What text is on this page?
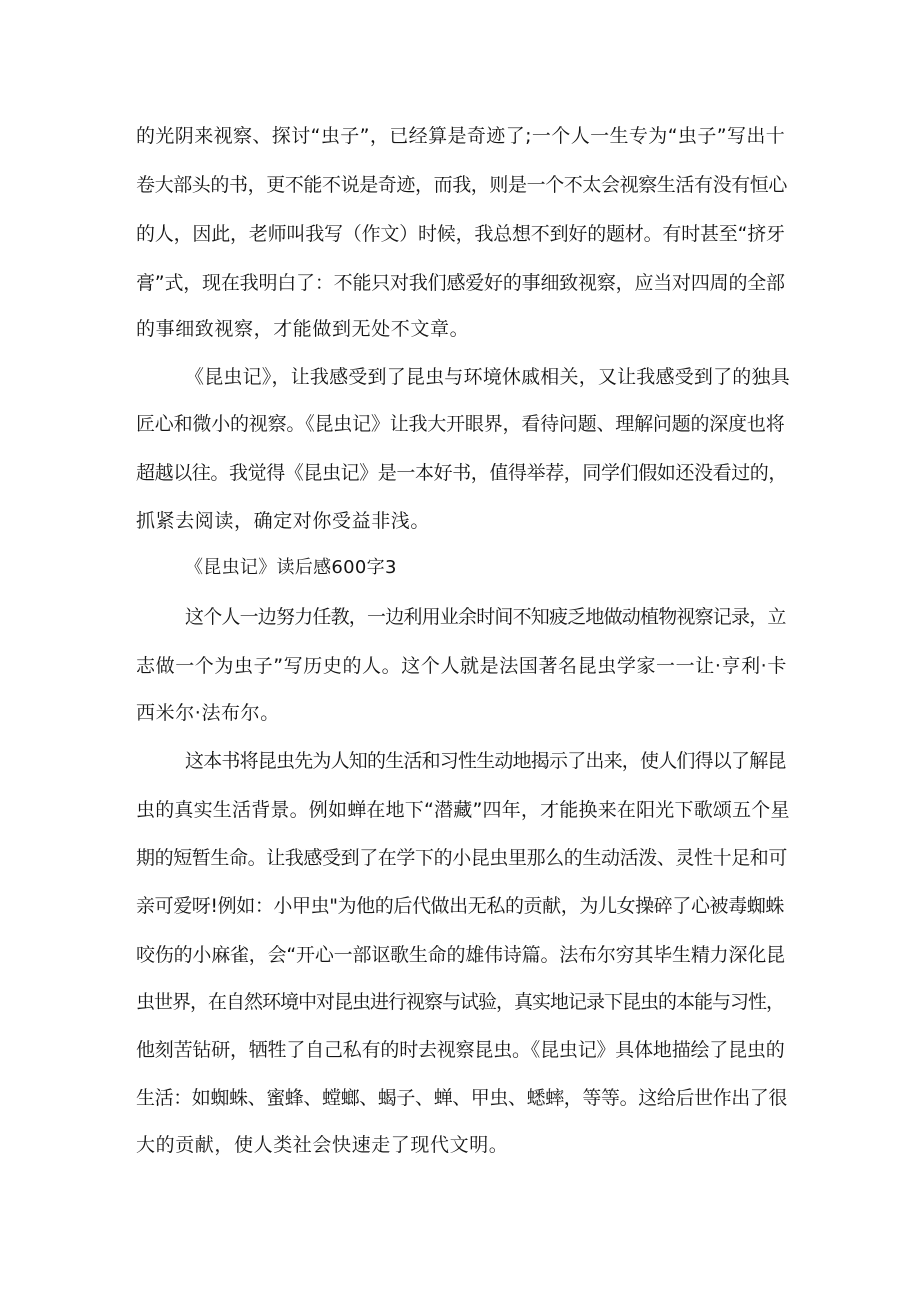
的光阴来视察、探讨“虫子”，已经算是奇迹了;一个人一生专为“虫子”写出十
卷大部头的书，更不能不说是奇迹，而我，则是一个不太会视察生活有没有恒心
的人，因此，老师叫我写（作文）时候，我总想不到好的题材。有时甚至“挤牙
膏”式，现在我明白了：不能只对我们感爱好的事细致视察，应当对四周的全部
的事细致视察，才能做到无处不文章。
《昆虫记》，让我感受到了昆虫与环境休戚相关，又让我感受到了的独具
匠心和微小的视察。《昆虫记》让我大开眼界，看待问题、理解问题的深度也将
超越以往。我觉得《昆虫记》是一本好书，值得举荐，同学们假如还没看过的，
抓紧去阅读，确定对你受益非浅。
《昆虫记》读后感600字3
这个人一边努力任教，一边利用业余时间不知疲乏地做动植物视察记录，立
志做一个为虫子”写历史的人。这个人就是法国著名昆虫学家一一让·亨利·卡
西米尔·法布尔。
这本书将昆虫先为人知的生活和习性生动地揭示了出来，使人们得以了解昆
虫的真实生活背景。例如蝉在地下“潜藏”四年，才能换来在阳光下歌颂五个星
期的短暂生命。让我感受到了在学下的小昆虫里那么的生动活泼、灵性十足和可
亲可爱呀!例如：小甲虫"为他的后代做出无私的贡献，为儿女操碎了心被毒蜘蛛
咬伤的小麻雀，会“开心一部讴歌生命的雄伟诗篇。法布尔穷其毕生精力深化昆
虫世界，在自然环境中对昆虫进行视察与试验，真实地记录下昆虫的本能与习性，
他刻苦钻研，牺牲了自己私有的时去视察昆虫。《昆虫记》具体地描绘了昆虫的
生活：如蜘蛛、蜜蜂、螳螂、蝎子、蝉、甲虫、蟋蟀，等等。这给后世作出了很
大的贡献，使人类社会快速走了现代文明。
